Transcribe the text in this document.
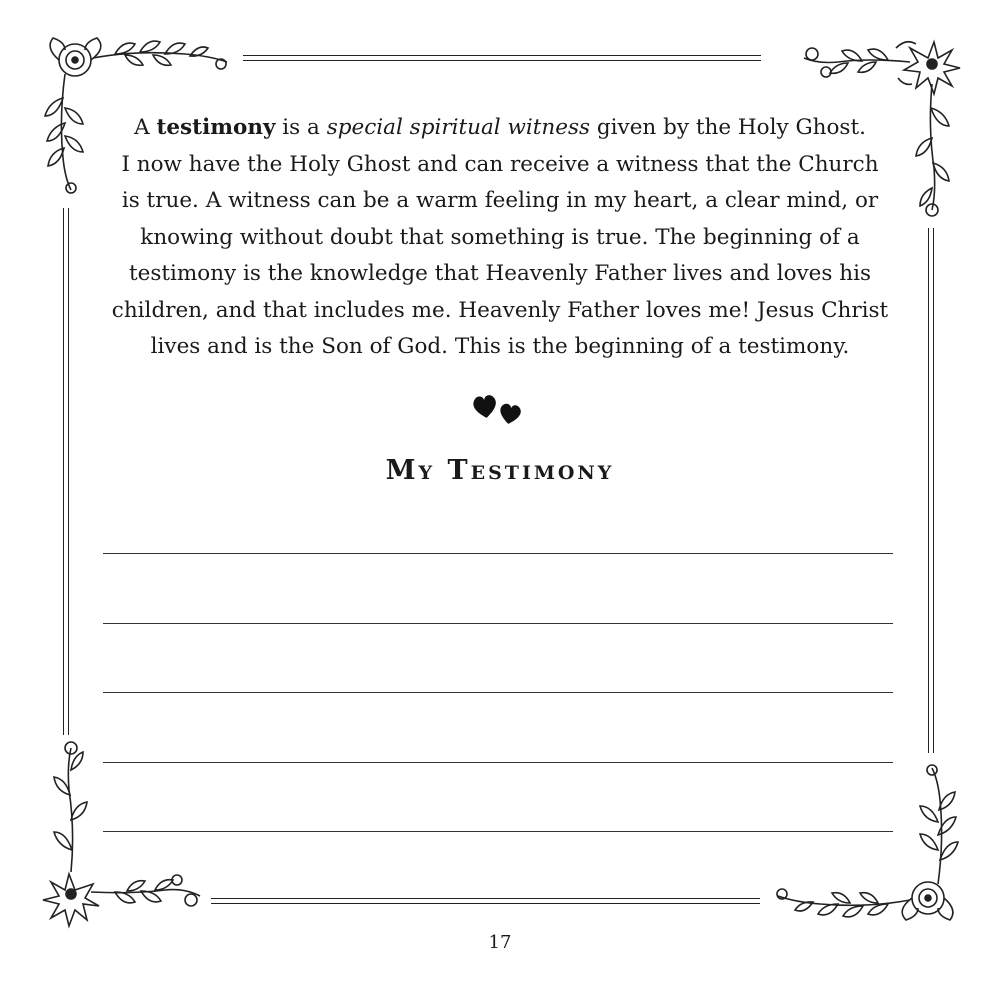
A testimony is a special spiritual witness given by the Holy Ghost.
I now have the Holy Ghost and can receive a witness that the Church
is true. A witness can be a warm feeling in my heart, a clear mind, or
knowing without doubt that something is true. The beginning of a
testimony is the knowledge that Heavenly Father lives and loves his
children, and that includes me. Heavenly Father loves me! Jesus Christ
lives and is the Son of God. This is the beginning of a testimony.

My Testimony
17
